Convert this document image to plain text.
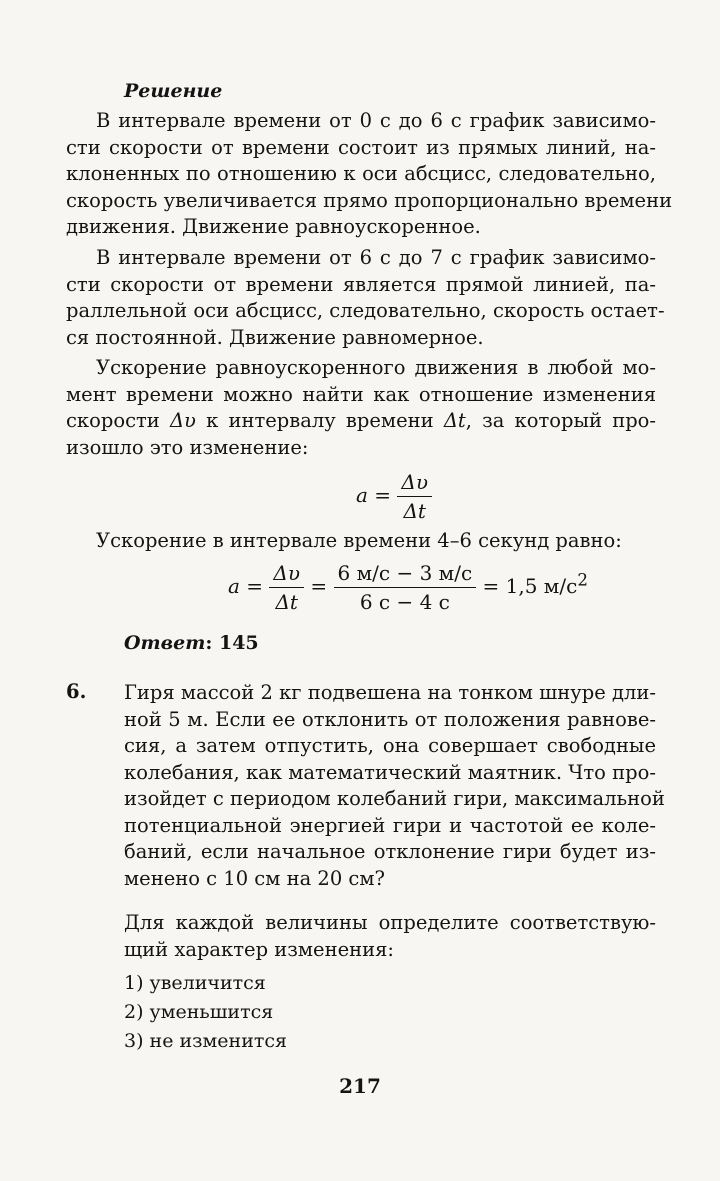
Решение
В интервале времени от 0 с до 6 с график зависимо-
сти скорости от времени состоит из прямых линий, на-
клоненных по отношению к оси абсцисс, следовательно,
скорость увеличивается прямо пропорционально времени
движения. Движение равноускоренное.
В интервале времени от 6 с до 7 с график зависимо-
сти скорости от времени является прямой линией, па-
раллельной оси абсцисс, следовательно, скорость остает-
ся постоянной. Движение равномерное.
Ускорение равноускоренного движения в любой мо-
мент времени можно найти как отношение изменения
скорости Δυ к интервалу времени Δt, за который про-
изошло это изменение:
$a = \frac{\Delta\upsilon}{\Delta t}$
Ускорение в интервале времени 4–6 секунд равно:
$a = \frac{\Delta\upsilon}{\Delta t} = \frac{6 м/с - 3 м/с}{6 с - 4 с} = 1,5$ $м/с^2$
Ответ: 145
6. Гиря массой 2 кг подвешена на тонком шнуре дли-
ной 5 м. Если ее отклонить от положения равнове-
сия, а затем отпустить, она совершает свободные
колебания, как математический маятник. Что про-
изойдет с периодом колебаний гири, максимальной
потенциальной энергией гири и частотой ее коле-
баний, если начальное отклонение гири будет из-
менено с 10 см на 20 см?
Для каждой величины определите соответствую-
щий характер изменения:
1) увеличится
2) уменьшится
3) не изменится
217
